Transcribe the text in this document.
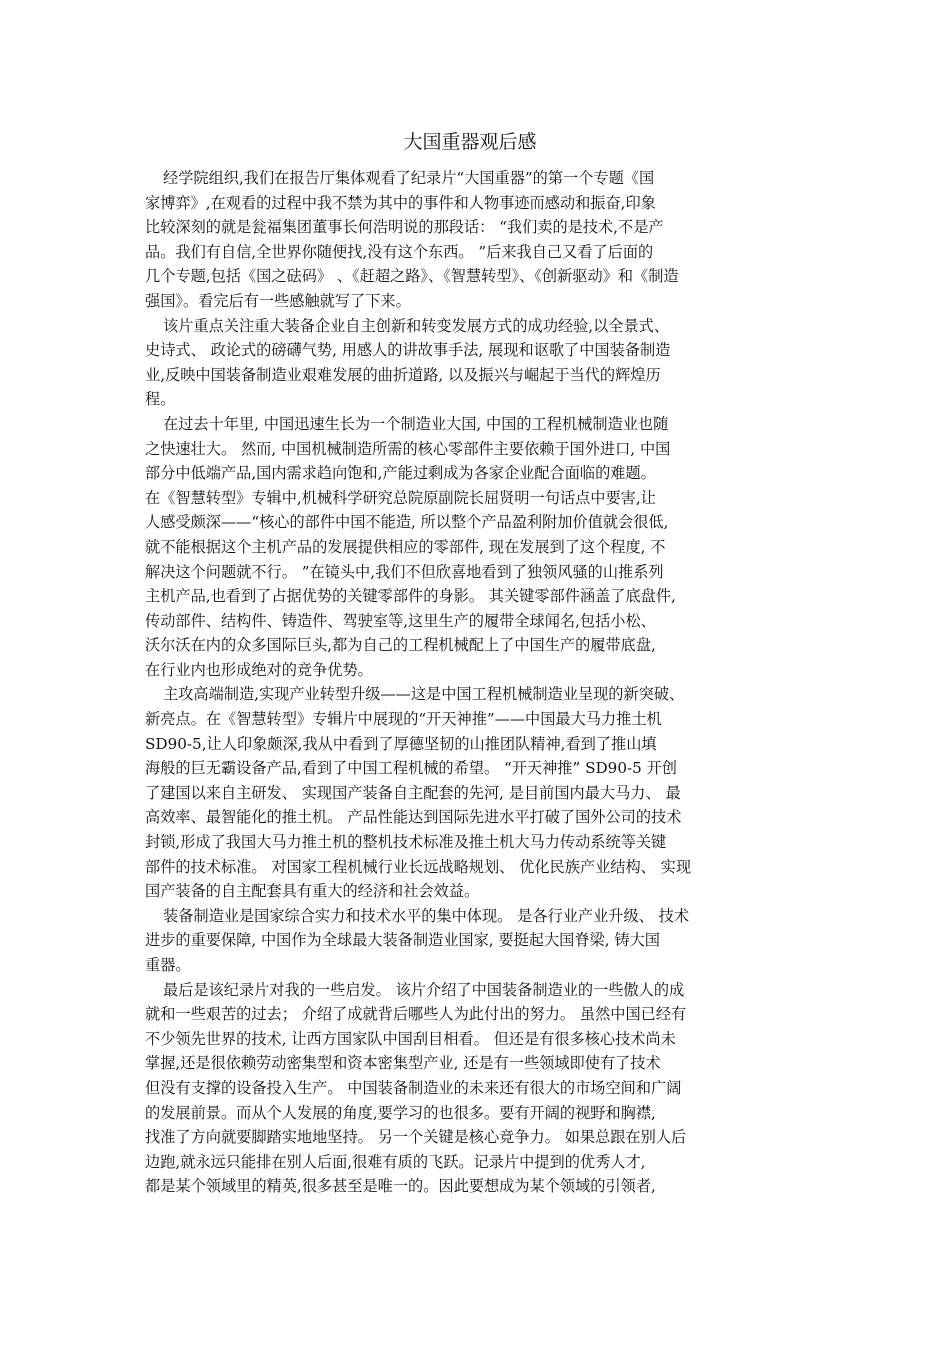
大国重器观后感
经学院组织,我们在报告厅集体观看了纪录片“大国重器”的第一个专题《国
家博弈》,在观看的过程中我不禁为其中的事件和人物事迹而感动和振奋,印象
比较深刻的就是瓮福集团董事长何浩明说的那段话： “我们卖的是技术,不是产
品。我们有自信,全世界你随便找,没有这个东西。 ”后来我自己又看了后面的
几个专题,包括《国之砝码》 、《赶超之路》、《智慧转型》、《创新驱动》和《制造
强国》。看完后有一些感触就写了下来。
该片重点关注重大装备企业自主创新和转变发展方式的成功经验,以全景式、
史诗式、 政论式的磅礴气势, 用感人的讲故事手法, 展现和讴歌了中国装备制造
业,反映中国装备制造业艰难发展的曲折道路, 以及振兴与崛起于当代的辉煌历
程。
在过去十年里, 中国迅速生长为一个制造业大国, 中国的工程机械制造业也随
之快速壮大。 然而, 中国机械制造所需的核心零部件主要依赖于国外进口, 中国
部分中低端产品,国内需求趋向饱和,产能过剩成为各家企业配合面临的难题。
在《智慧转型》专辑中,机械科学研究总院原副院长屈贤明一句话点中要害,让
人感受颇深——“核心的部件中国不能造, 所以整个产品盈利附加价值就会很低,
就不能根据这个主机产品的发展提供相应的零部件, 现在发展到了这个程度, 不
解决这个问题就不行。 ”在镜头中,我们不但欣喜地看到了独领风骚的山推系列
主机产品,也看到了占据优势的关键零部件的身影。 其关键零部件涵盖了底盘件,
传动部件、结构件、铸造件、驾驶室等,这里生产的履带全球闻名,包括小松、
沃尔沃在内的众多国际巨头,都为自己的工程机械配上了中国生产的履带底盘,
在行业内也形成绝对的竞争优势。
主攻高端制造,实现产业转型升级——这是中国工程机械制造业呈现的新突破、
新亮点。在《智慧转型》专辑片中展现的“开天神推”——中国最大马力推土机
SD90-5,让人印象颇深,我从中看到了厚德坚韧的山推团队精神,看到了推山填
海般的巨无霸设备产品,看到了中国工程机械的希望。 “开天神推” SD90-5 开创
了建国以来自主研发、 实现国产装备自主配套的先河, 是目前国内最大马力、 最
高效率、最智能化的推土机。 产品性能达到国际先进水平打破了国外公司的技术
封锁,形成了我国大马力推土机的整机技术标准及推土机大马力传动系统等关键
部件的技术标准。 对国家工程机械行业长远战略规划、 优化民族产业结构、 实现
国产装备的自主配套具有重大的经济和社会效益。
装备制造业是国家综合实力和技术水平的集中体现。 是各行业产业升级、 技术
进步的重要保障, 中国作为全球最大装备制造业国家, 要挺起大国脊梁, 铸大国
重器。
最后是该纪录片对我的一些启发。 该片介绍了中国装备制造业的一些傲人的成
就和一些艰苦的过去； 介绍了成就背后哪些人为此付出的努力。 虽然中国已经有
不少领先世界的技术, 让西方国家队中国刮目相看。 但还是有很多核心技术尚未
掌握,还是很依赖劳动密集型和资本密集型产业, 还是有一些领域即使有了技术
但没有支撑的设备投入生产。 中国装备制造业的未来还有很大的市场空间和广阔
的发展前景。而从个人发展的角度,要学习的也很多。要有开阔的视野和胸襟,
找准了方向就要脚踏实地地坚持。 另一个关键是核心竞争力。 如果总跟在别人后
边跑,就永远只能排在别人后面,很难有质的飞跃。记录片中提到的优秀人才,
都是某个领域里的精英,很多甚至是唯一的。因此要想成为某个领域的引领者,
